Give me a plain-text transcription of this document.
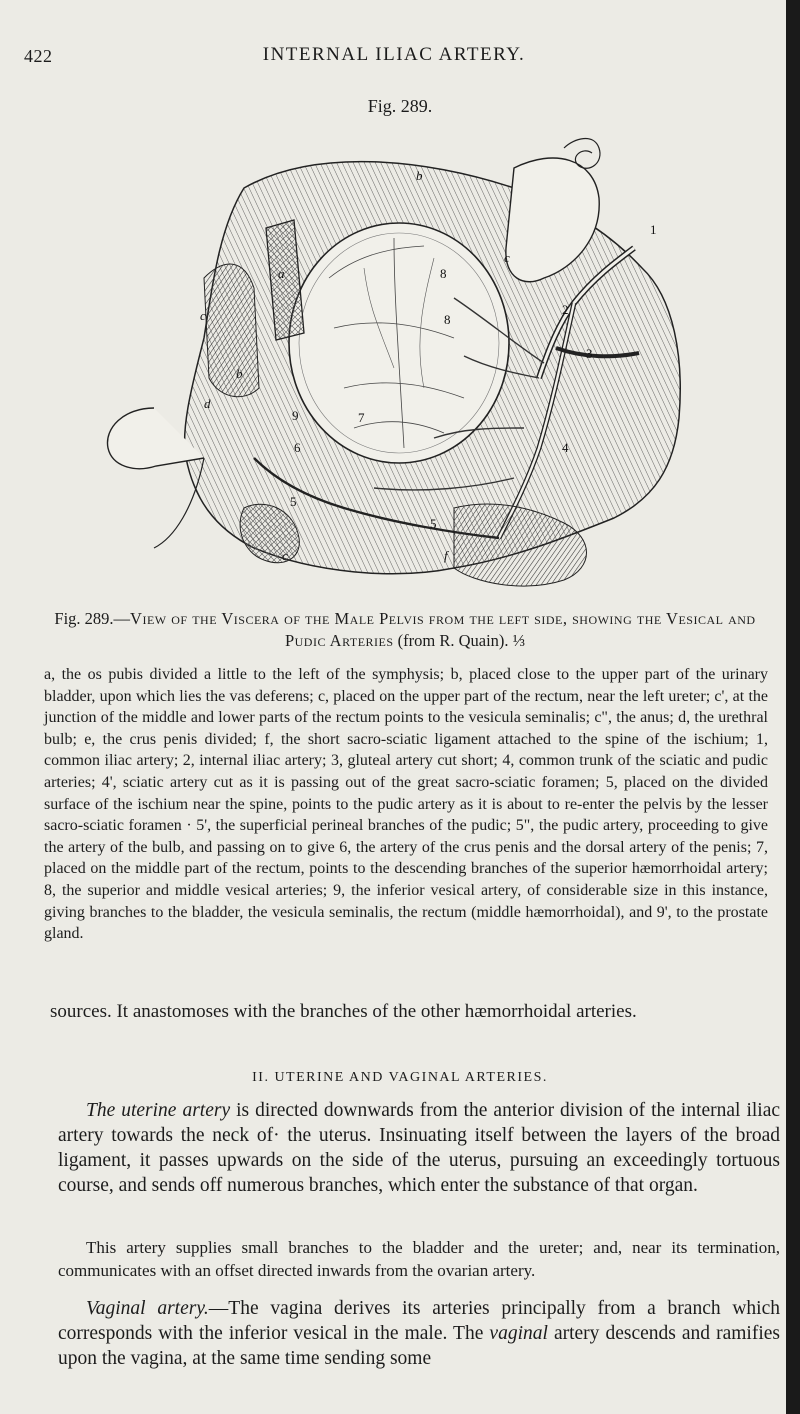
422	INTERNAL ILIAC ARTERY.
Fig. 289.
b
a
c
b
d
c
c	f
1
2
3
4
5
5
7
8
8
9
6
Fig. 289.—View of the Viscera of the Male Pelvis from the left side, showing the Vesical and Pudic Arteries (from R. Quain). ⅓
a, the os pubis divided a little to the left of the symphysis; b, placed close to the upper part of the urinary bladder, upon which lies the vas deferens; c, placed on the upper part of the rectum, near the left ureter; c', at the junction of the middle and lower parts of the rectum points to the vesicula seminalis; c", the anus; d, the urethral bulb; e, the crus penis divided; f, the short sacro-sciatic ligament attached to the spine of the ischium; 1, common iliac artery; 2, internal iliac artery; 3, gluteal artery cut short; 4, common trunk of the sciatic and pudic arteries; 4', sciatic artery cut as it is passing out of the great sacro-sciatic foramen; 5, placed on the divided surface of the ischium near the spine, points to the pudic artery as it is about to re-enter the pelvis by the lesser sacro-sciatic foramen · 5', the superficial perineal branches of the pudic; 5", the pudic artery, proceeding to give the artery of the bulb, and passing on to give 6, the artery of the crus penis and the dorsal artery of the penis; 7, placed on the middle part of the rectum, points to the descending branches of the superior hæmorrhoidal artery; 8, the superior and middle vesical arteries; 9, the inferior vesical artery, of considerable size in this instance, giving branches to the bladder, the vesicula seminalis, the rectum (middle hæmorrhoidal), and 9', to the prostate gland.
sources. It anastomoses with the branches of the other hæmorrhoidal arteries.
II. UTERINE AND VAGINAL ARTERIES.
The uterine artery is directed downwards from the anterior division of the internal iliac artery towards the neck of· the uterus. Insinuating itself between the layers of the broad ligament, it passes upwards on the side of the uterus, pursuing an exceedingly tortuous course, and sends off numerous branches, which enter the substance of that organ.
This artery supplies small branches to the bladder and the ureter; and, near its termination, communicates with an offset directed inwards from the ovarian artery.
Vaginal artery.—The vagina derives its arteries principally from a branch which corresponds with the inferior vesical in the male. The vaginal artery descends and ramifies upon the vagina, at the same time sending some
